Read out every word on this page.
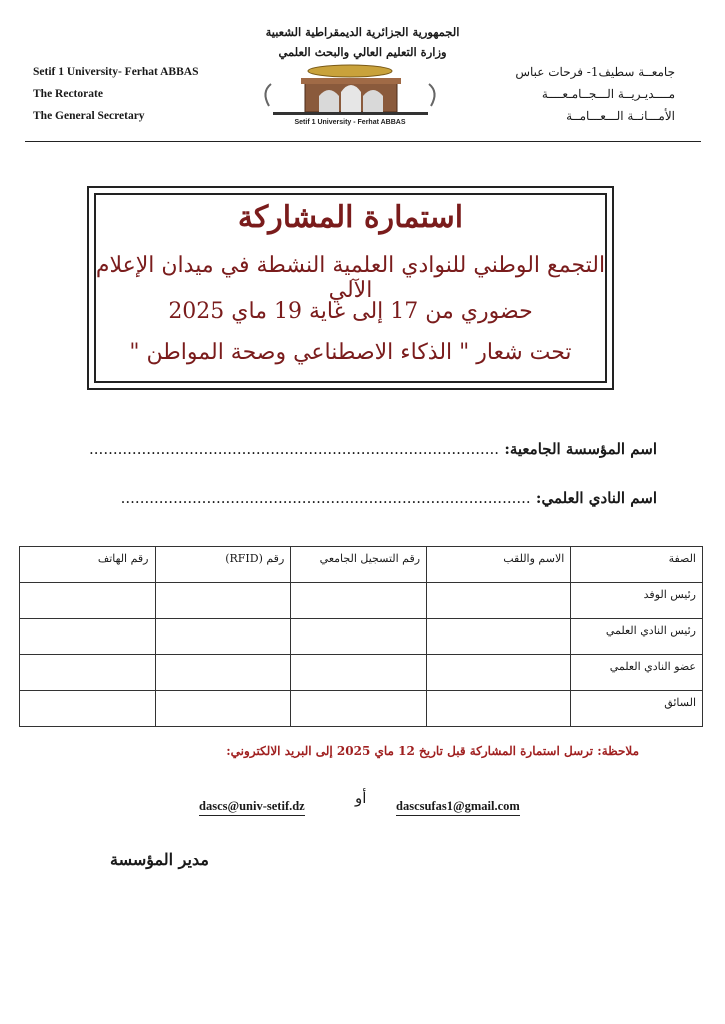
Setif 1 University- Ferhat ABBAS
The Rectorate
The General Secretary
جامعــة سطيف1- فرحات عباس
مــــديـريــة الـــجــامـعــــة
الأمـــانــة الـــعـــامــة
الجمهورية الجزائرية الديمقراطية الشعبية
وزارة التعليم العالي والبحث العلمي
Setif 1 University - Ferhat ABBAS
استمارة المشاركة
التجمع الوطني للنوادي العلمية النشطة في ميدان الإعلام الآلي
حضوري من 17 إلى غاية 19 ماي 2025
تحت شعار " الذكاء الاصطناعي وصحة المواطن "
اسم المؤسسة الجامعية: ......................................................................................
اسم النادي العلمي: ......................................................................................
الصفة	الاسم واللقب	رقم التسجيل الجامعي	رقم (RFID)	رقم الهاتف
رئيس الوفد				
رئيس النادي العلمي				
عضو النادي العلمي				
السائق				
ملاحظة: ترسل استمارة المشاركة قبل تاريخ 12 ماي 2025 إلى البريد الالكتروني:
dascsufas1@gmail.com
أو
dascs@univ-setif.dz
مدير المؤسسة
